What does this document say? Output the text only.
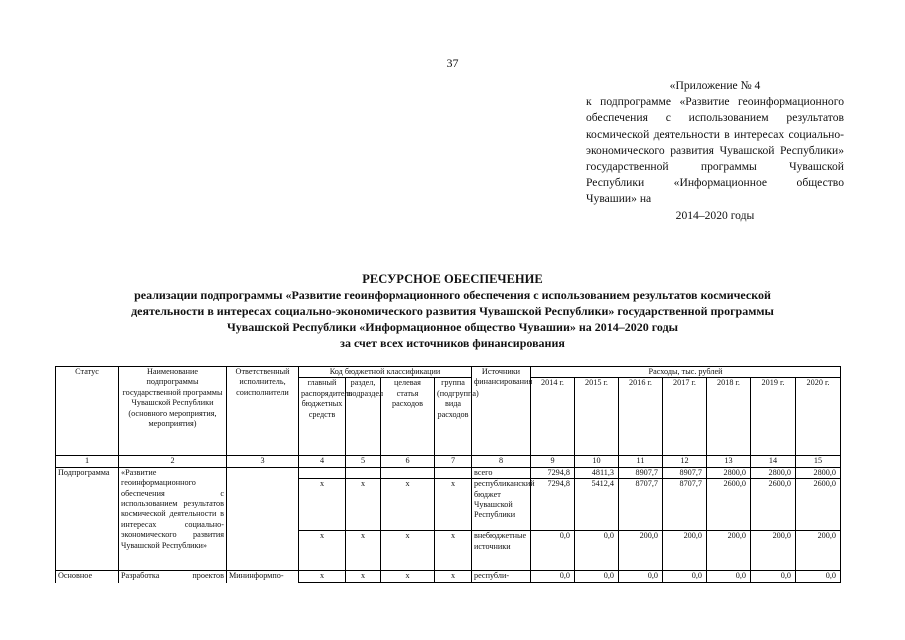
37
«Приложение № 4
к подпрограмме «Развитие геоинформационного обеспечения с использованием результатов космической деятельности в интересах социально-экономического развития Чувашской Республики» государственной программы Чувашской Республики «Информационное общество Чувашии» на
2014–2020 годы
РЕСУРСНОЕ ОБЕСПЕЧЕНИЕ
реализации подпрограммы «Развитие геоинформационного обеспечения с использованием результатов космической
деятельности в интересах социально-экономического развития Чувашской Республики» государственной программы
Чувашской Республики «Информационное общество Чувашии» на 2014–2020 годы
за счет всех источников финансирования
Статус	Наименование подпрограммы государственной программы Чувашской Республики (основного мероприятия, мероприятия)	Ответственный исполнитель, соисполнители	Код бюджетной классификации				Источники финансирования	Расходы, тыс. рублей						
			главный распорядитель бюджетных средств	раздел, подраздел	целевая статья расходов	группа (подгруппа) вида расходов		2014 г.	2015 г.	2016 г.	2017 г.	2018 г.	2019 г.	2020 г.
1	2	3	4	5	6	7	8	9	10	11	12	13	14	15
Подпрограмма	«Развитие геоинформационного обеспечения с использованием результатов космической деятельности в интересах социально-экономического развития Чувашской Республики»						всего	7294,8	4811,3	8907,7	8907,7	2800,0	2800,0	2800,0
			x	x	x	x	республиканский бюджет Чувашской Республики	7294,8	5412,4	8707,7	8707,7	2600,0	2600,0	2600,0
			x	x	x	x	внебюджетные источники	0,0	0,0	200,0	200,0	200,0	200,0	200,0
Основное	Разработка проектов	Мининформпо-	x	x	x	x	республи-	0,0	0,0	0,0	0,0	0,0	0,0	0,0
